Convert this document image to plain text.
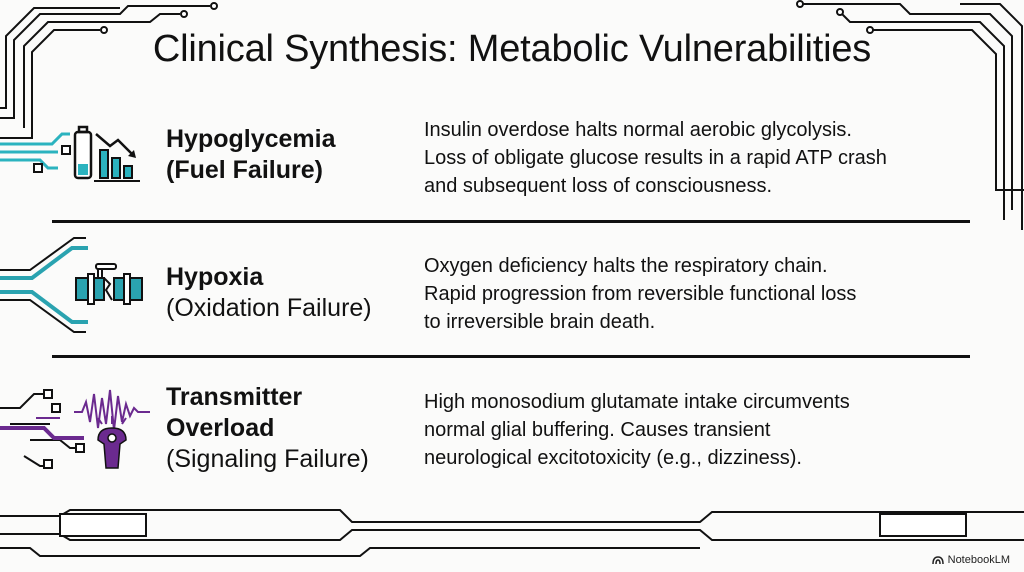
Clinical Synthesis: Metabolic Vulnerabilities
Hypoglycemia
(Fuel Failure)
Insulin overdose halts normal aerobic glycolysis.
Loss of obligate glucose results in a rapid ATP crash
and subsequent loss of consciousness.
Hypoxia
(Oxidation Failure)
Oxygen deficiency halts the respiratory chain.
Rapid progression from reversible functional loss
to irreversible brain death.
Transmitter
Overload
(Signaling Failure)
High monosodium glutamate intake circumvents
normal glial buffering. Causes transient
neurological excitotoxicity (e.g., dizziness).
NotebookLM
